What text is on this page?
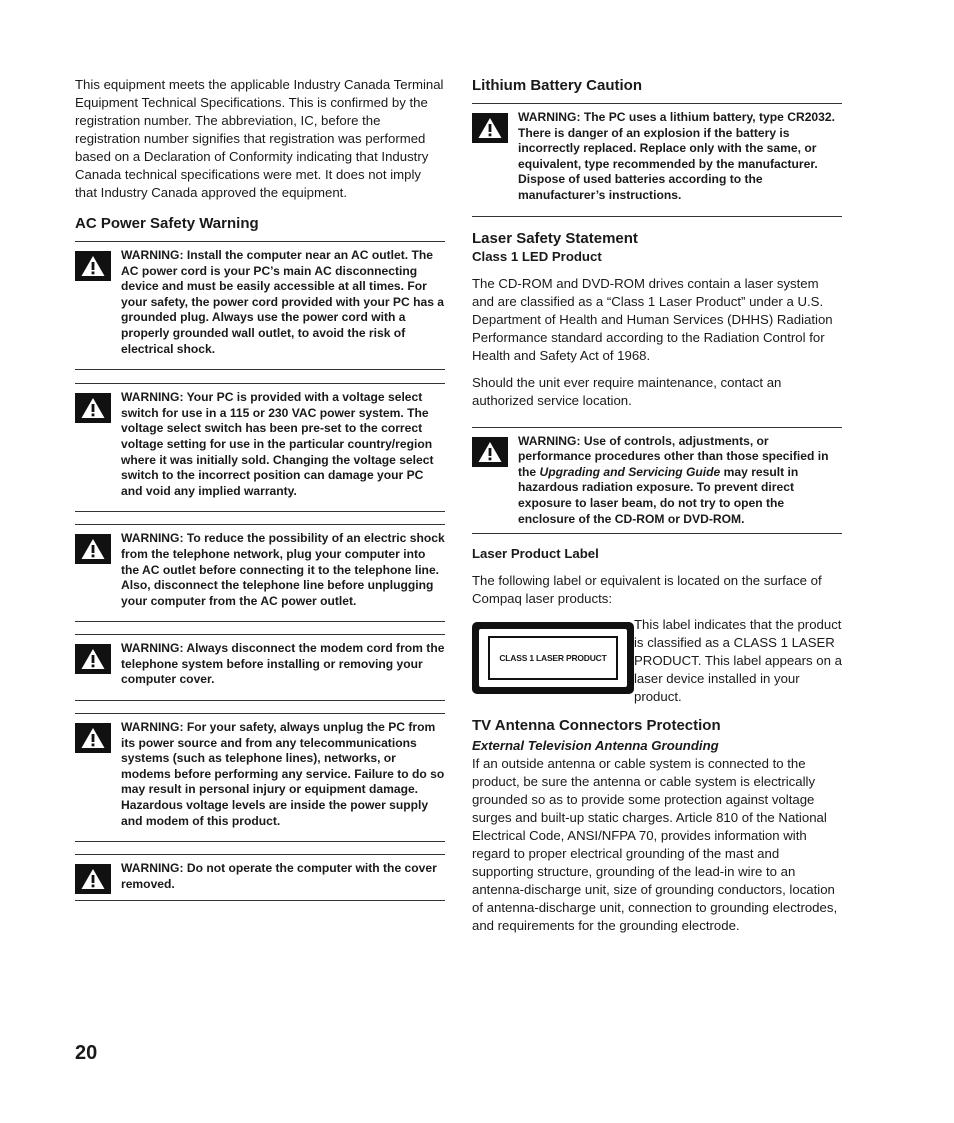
This equipment meets the applicable Industry Canada Terminal Equipment Technical Specifications. This is confirmed by the registration number. The abbreviation, IC, before the registration number signifies that registration was performed based on a Declaration of Conformity indicating that Industry Canada technical specifications were met. It does not imply that Industry Canada approved the equipment.

AC Power Safety Warning
WARNING: Install the computer near an AC outlet. The AC power cord is your PC’s main AC disconnecting device and must be easily accessible at all times. For your safety, the power cord provided with your PC has a grounded plug. Always use the power cord with a properly grounded wall outlet, to avoid the risk of electrical shock.
WARNING: Your PC is provided with a voltage select switch for use in a 115 or 230 VAC power system. The voltage select switch has been pre-set to the correct voltage setting for use in the particular country/region where it was initially sold. Changing the voltage select switch to the incorrect position can damage your PC and void any implied warranty.
WARNING: To reduce the possibility of an electric shock from the telephone network, plug your computer into the AC outlet before connecting it to the telephone line. Also, disconnect the telephone line before unplugging your computer from the AC power outlet.
WARNING: Always disconnect the modem cord from the telephone system before installing or removing your computer cover.
WARNING: For your safety, always unplug the PC from its power source and from any telecommunications systems (such as telephone lines), networks, or modems before performing any service. Failure to do so may result in personal injury or equipment damage. Hazardous voltage levels are inside the power supply and modem of this product.
WARNING: Do not operate the computer with the cover removed.
Lithium Battery Caution
WARNING: The PC uses a lithium battery, type CR2032. There is danger of an explosion if the battery is incorrectly replaced. Replace only with the same, or equivalent, type recommended by the manufacturer. Dispose of used batteries according to the manufacturer’s instructions.
Laser Safety Statement
Class 1 LED Product

The CD-ROM and DVD-ROM drives contain a laser system and are classified as a “Class 1 Laser Product” under a U.S. Department of Health and Human Services (DHHS) Radiation Performance standard according to the Radiation Control for Health and Safety Act of 1968.

Should the unit ever require maintenance, contact an authorized service location.

WARNING: Use of controls, adjustments, or performance procedures other than those specified in the Upgrading and Servicing Guide may result in hazardous radiation exposure. To prevent direct exposure to laser beam, do not try to open the enclosure of the CD-ROM or DVD-ROM.
Laser Product Label

The following label or equivalent is located on the surface of Compaq laser products:

CLASS 1 LASER PRODUCT

This label indicates that the product is classified as a CLASS 1 LASER PRODUCT. This label appears on a laser device installed in your product.

TV Antenna Connectors Protection
External Television Antenna Grounding

If an outside antenna or cable system is connected to the product, be sure the antenna or cable system is electrically grounded so as to provide some protection against voltage surges and built-up static charges. Article 810 of the National Electrical Code, ANSI/NFPA 70, provides information with regard to proper electrical grounding of the mast and supporting structure, grounding of the lead-in wire to an antenna-discharge unit, size of grounding conductors, location of antenna-discharge unit, connection to grounding electrodes, and requirements for the grounding electrode.

20
